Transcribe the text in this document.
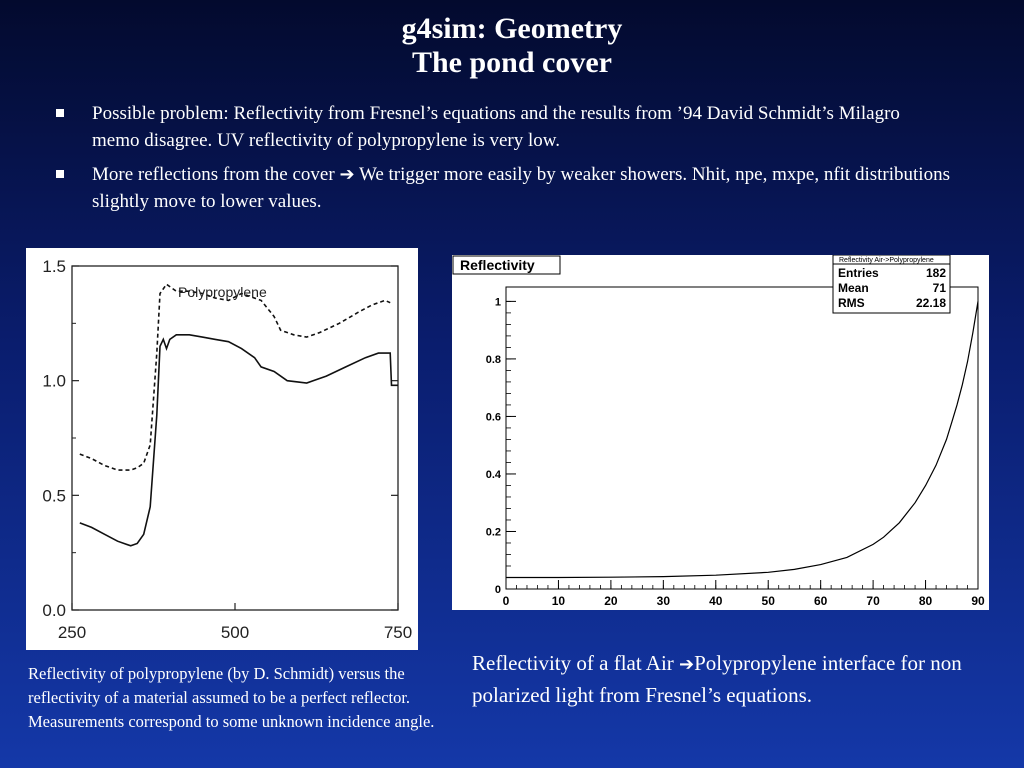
g4sim: Geometry
The pond cover
Possible problem: Reflectivity from Fresnel’s equations and the results from ’94 David Schmidt’s Milagro memo disagree. UV reflectivity of polypropylene is very low.
More reflections from the cover ➔ We trigger more easily by weaker showers. Nhit, npe, mxpe, nfit distributions slightly move to lower values.
0.0
0.5
1.0
1.5
250	500	750
Polypropylene
0
0.2
0.4
0.6
0.8
1
0	10	20	30	40	50	60	70	80	90
Reflectivity	Reflectivity Air->Polypropylene
Entries	182
Mean	71
RMS	22.18
Reflectivity of polypropylene (by D. Schmidt) versus the reflectivity of a material assumed to be a perfect reflector. Measurements correspond to some unknown incidence angle.
Reflectivity of a flat Air ➔Polypropylene interface for non polarized light from Fresnel’s equations.
